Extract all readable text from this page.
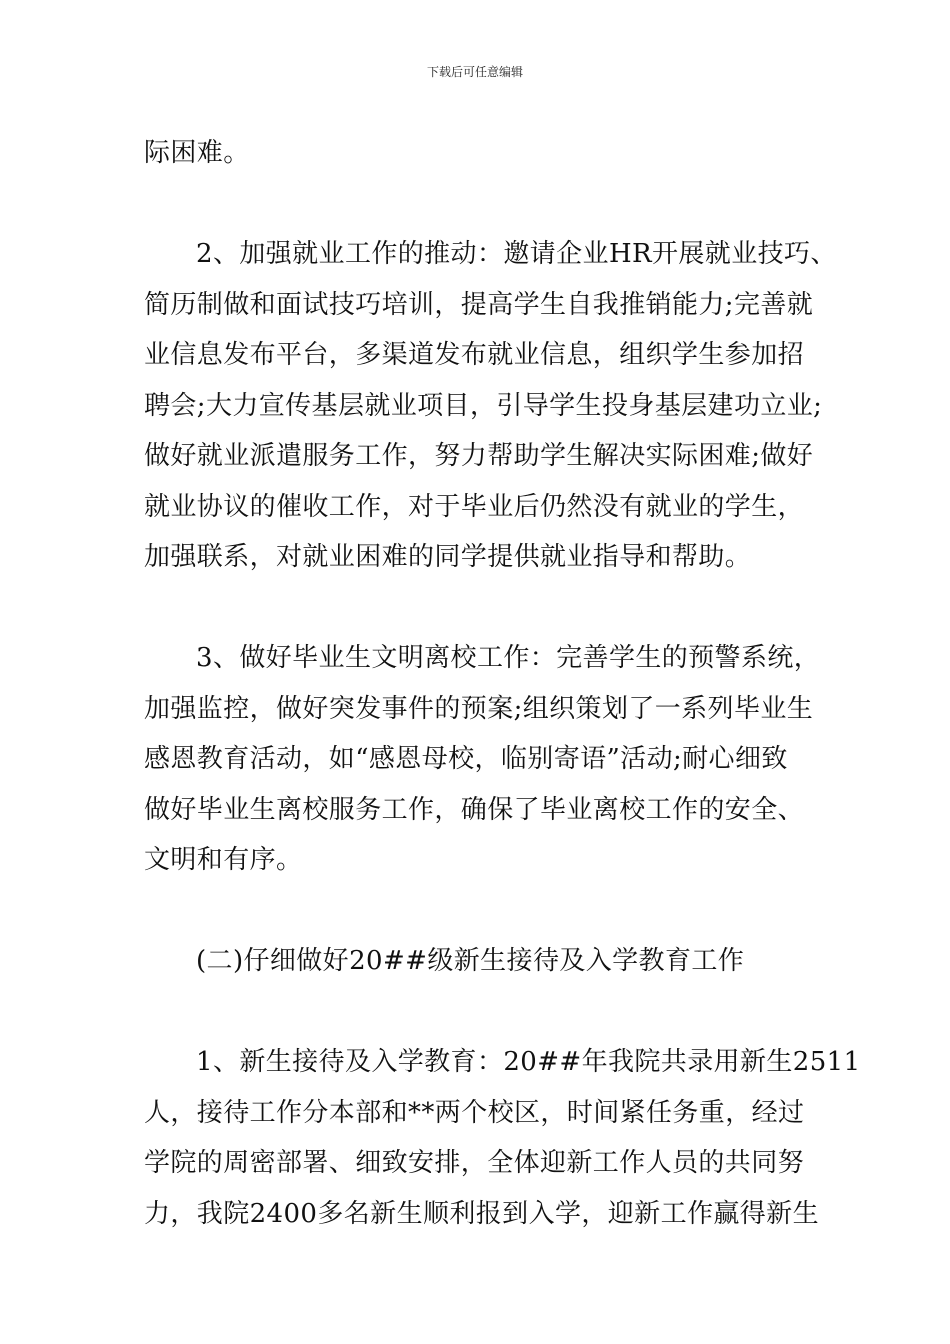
下载后可任意编辑
际困难。
2、加强就业工作的推动：邀请企业HR开展就业技巧、
简历制做和面试技巧培训，提高学生自我推销能力;完善就
业信息发布平台，多渠道发布就业信息，组织学生参加招
聘会;大力宣传基层就业项目，引导学生投身基层建功立业;
做好就业派遣服务工作，努力帮助学生解决实际困难;做好
就业协议的催收工作，对于毕业后仍然没有就业的学生，
加强联系，对就业困难的同学提供就业指导和帮助。
3、做好毕业生文明离校工作：完善学生的预警系统，
加强监控，做好突发事件的预案;组织策划了一系列毕业生
感恩教育活动，如“感恩母校，临别寄语”活动;耐心细致
做好毕业生离校服务工作，确保了毕业离校工作的安全、
文明和有序。
(二)仔细做好20##级新生接待及入学教育工作
1、新生接待及入学教育：20##年我院共录用新生2511
人，接待工作分本部和**两个校区，时间紧任务重，经过
学院的周密部署、细致安排，全体迎新工作人员的共同努
力，我院2400多名新生顺利报到入学，迎新工作赢得新生
